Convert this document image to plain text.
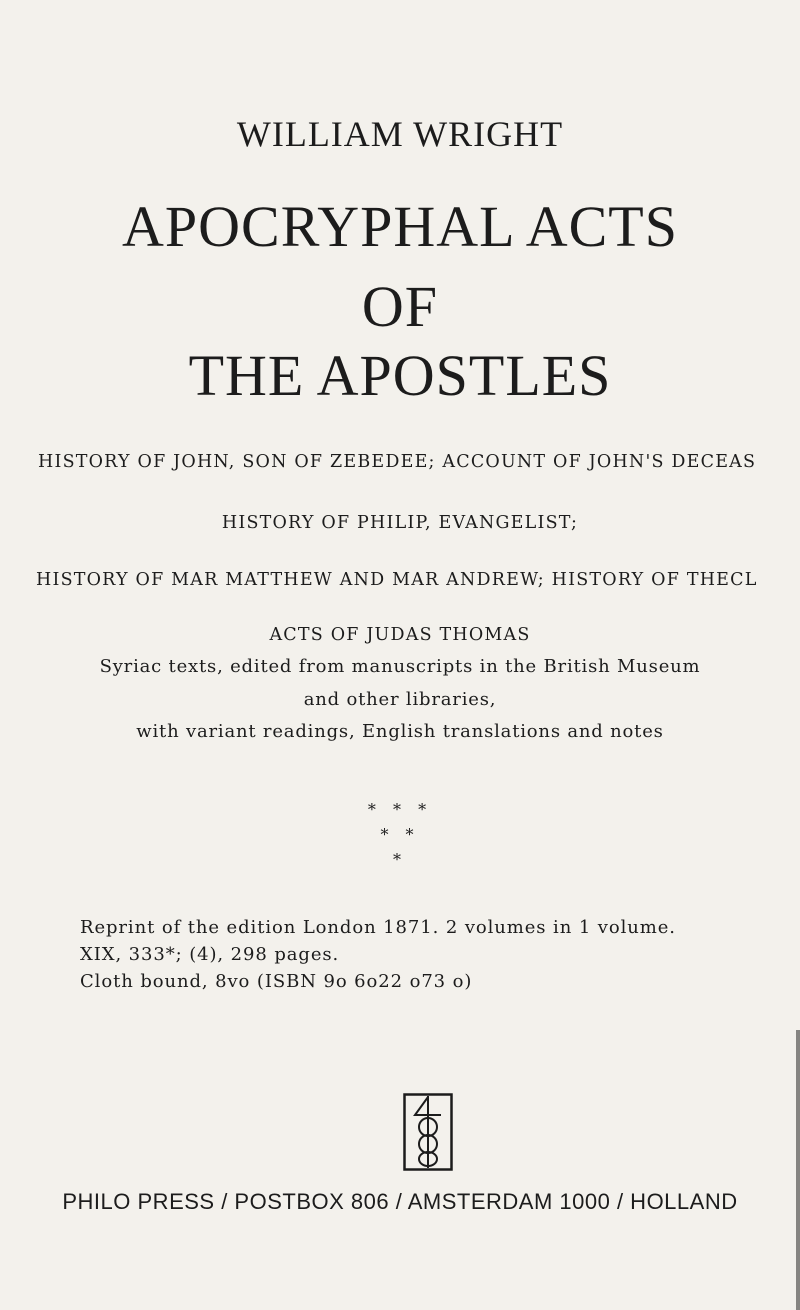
WILLIAM WRIGHT
APOCRYPHAL ACTS
OF
THE APOSTLES
HISTORY OF JOHN, SON OF ZEBEDEE; ACCOUNT OF JOHN'S DECEAS
HISTORY OF PHILIP, EVANGELIST;
HISTORY OF MAR MATTHEW AND MAR ANDREW; HISTORY OF THECL
ACTS OF JUDAS THOMAS
Syriac texts, edited from manuscripts in the British Museum
and other libraries,
with variant readings, English translations and notes
* * *
* *
*
Reprint of the edition London 1871. 2 volumes in 1 volume.
XIX, 333*; (4), 298 pages.
Cloth bound, 8vo (ISBN 9o 6o22 o73 o)
PHILO PRESS / POSTBOX 806 / AMSTERDAM 1000 / HOLLAND
